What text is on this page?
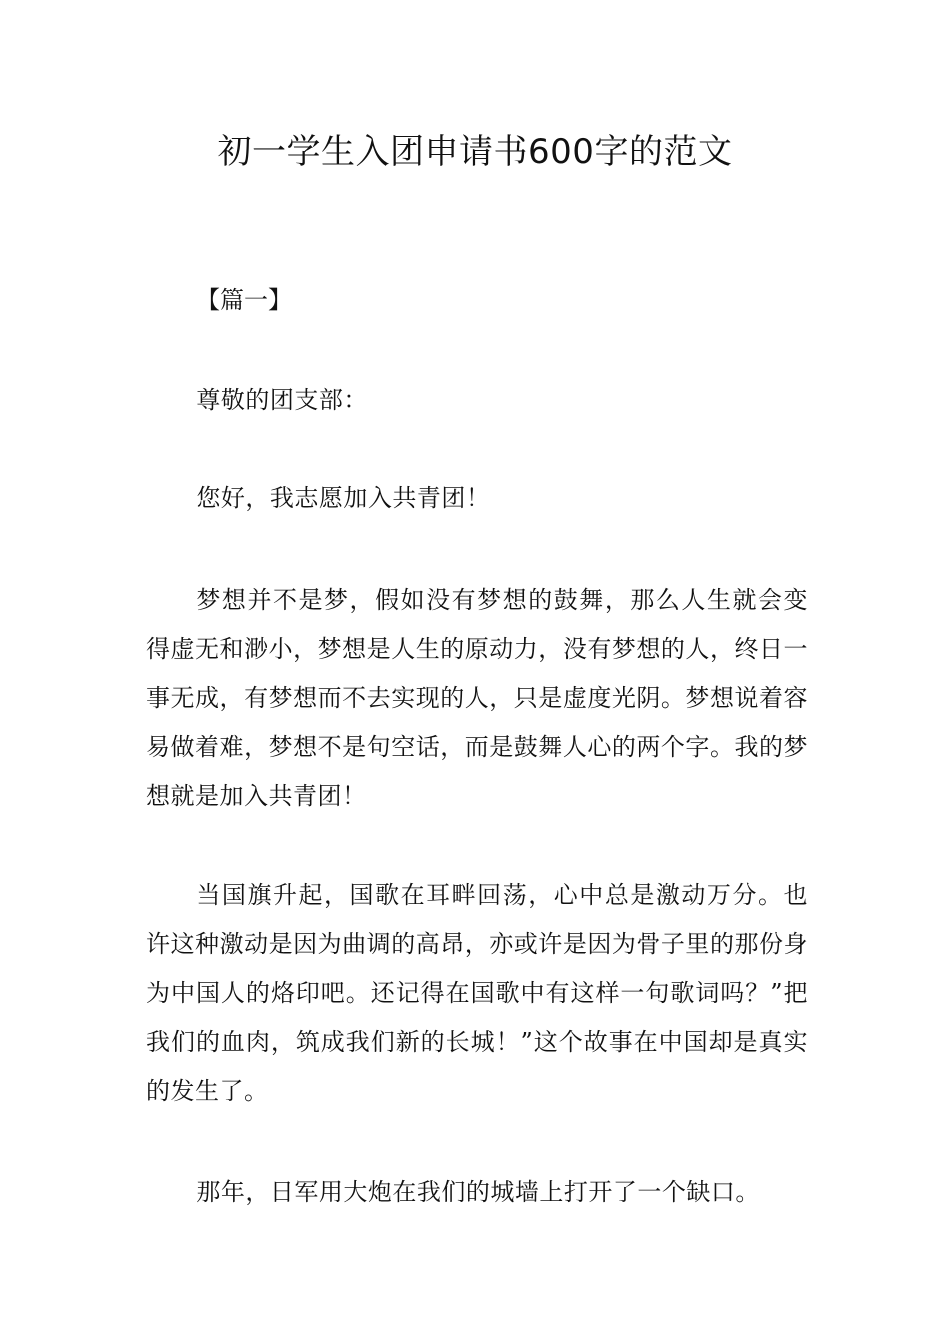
初一学生入团申请书600字的范文
【篇一】

尊敬的团支部：

您好，我志愿加入共青团！

梦想并不是梦，假如没有梦想的鼓舞，那么人生就会变得虚无和渺小，梦想是人生的原动力，没有梦想的人，终日一事无成，有梦想而不去实现的人，只是虚度光阴。梦想说着容易做着难，梦想不是句空话，而是鼓舞人心的两个字。我的梦想就是加入共青团！

当国旗升起，国歌在耳畔回荡，心中总是激动万分。也许这种激动是因为曲调的高昂，亦或许是因为骨子里的那份身为中国人的烙印吧。还记得在国歌中有这样一句歌词吗？”把我们的血肉，筑成我们新的长城！”这个故事在中国却是真实的发生了。

那年，日军用大炮在我们的城墙上打开了一个缺口。
